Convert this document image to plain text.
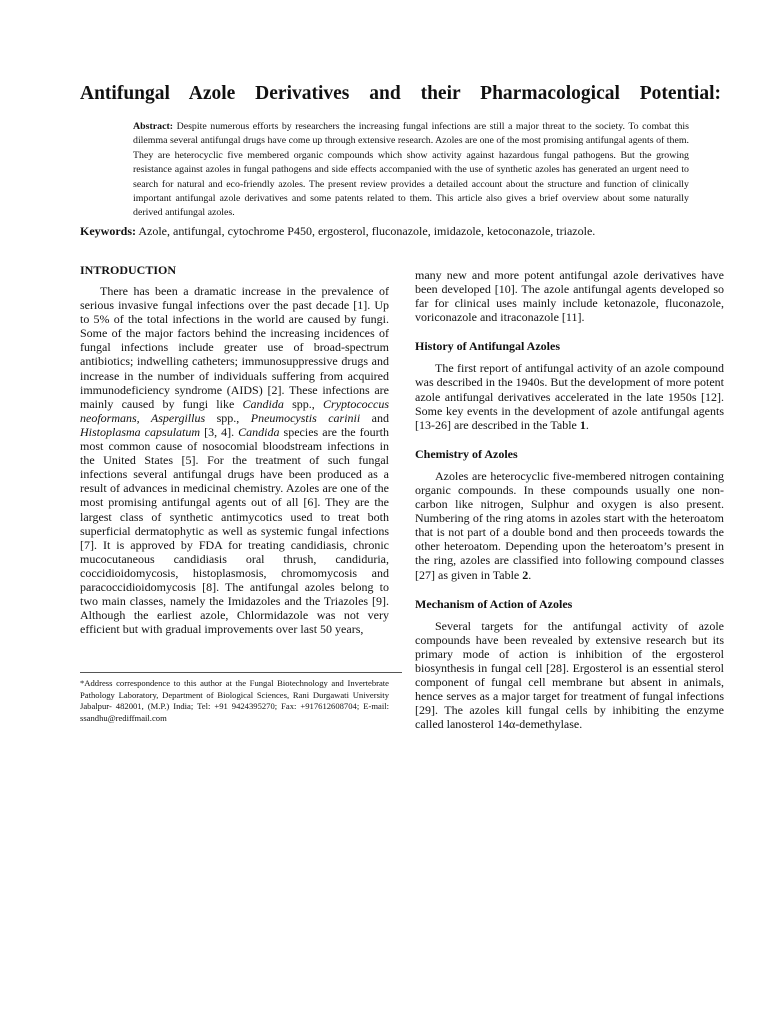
Antifungal Azole Derivatives and their Pharmacological Potential:

Abstract: Despite numerous efforts by researchers the increasing fungal infections are still a major threat to the society. To combat this dilemma several antifungal drugs have come up through extensive research. Azoles are one of the most promising antifungal agents of them. They are heterocyclic five membered organic compounds which show activity against hazardous fungal pathogens. But the growing resistance against azoles in fungal pathogens and side effects accompanied with the use of synthetic azoles has generated an urgent need to search for natural and eco-friendly azoles. The present review provides a detailed account about the structure and function of clinically important antifungal azole derivatives and some patents related to them. This article also gives a brief overview about some naturally derived antifungal azoles.

Keywords: Azole, antifungal, cytochrome P450, ergosterol, fluconazole, imidazole, ketoconazole, triazole.

INTRODUCTION

There has been a dramatic increase in the prevalence of serious invasive fungal infections over the past decade [1]. Up to 5% of the total infections in the world are caused by fungi. Some of the major factors behind the increasing incidences of fungal infections include greater use of broad-spectrum antibiotics; indwelling catheters; immunosuppressive drugs and increase in the number of individuals suffering from acquired immunodeficiency syndrome (AIDS) [2]. These infections are mainly caused by fungi like Candida spp., Cryptococcus neoformans, Aspergillus spp., Pneumocystis carinii and Histoplasma capsulatum [3, 4]. Candida species are the fourth most common cause of nosocomial bloodstream infections in the United States [5]. For the treatment of such fungal infections several antifungal drugs have been produced as a result of advances in medicinal chemistry. Azoles are one of the most promising antifungal agents out of all [6]. They are the largest class of synthetic antimycotics used to treat both superficial dermatophytic as well as systemic fungal infections [7]. It is approved by FDA for treating candidiasis, chronic mucocutaneous candidiasis oral thrush, candiduria, coccidioidomycosis, histoplasmosis, chromomycosis and paracoccidioidomycosis [8]. The antifungal azoles belong to two main classes, namely the Imidazoles and the Triazoles [9]. Although the earliest azole, Chlormidazole was not very efficient but with gradual improvements over last 50 years,

*Address correspondence to this author at the Fungal Biotechnology and Invertebrate Pathology Laboratory, Department of Biological Sciences, Rani Durgawati University Jabalpur- 482001, (M.P.) India; Tel: +91 9424395270; Fax: +917612608704; E-mail: ssandhu@rediffmail.com

many new and more potent antifungal azole derivatives have been developed [10]. The azole antifungal agents developed so far for clinical uses mainly include ketonazole, fluconazole, voriconazole and itraconazole [11].

History of Antifungal Azoles

The first report of antifungal activity of an azole compound was described in the 1940s. But the development of more potent azole antifungal derivatives accelerated in the late 1950s [12]. Some key events in the development of azole antifungal agents [13-26] are described in the Table 1.

Chemistry of Azoles

Azoles are heterocyclic five-membered nitrogen containing organic compounds. In these compounds usually one non-carbon like nitrogen, Sulphur and oxygen is also present. Numbering of the ring atoms in azoles start with the heteroatom that is not part of a double bond and then proceeds towards the other heteroatom. Depending upon the heteroatom’s present in the ring, azoles are classified into following compound classes [27] as given in Table 2.

Mechanism of Action of Azoles

Several targets for the antifungal activity of azole compounds have been revealed by extensive research but its primary mode of action is inhibition of the ergosterol biosynthesis in fungal cell [28]. Ergosterol is an essential sterol component of fungal cell membrane but absent in animals, hence serves as a major target for treatment of fungal infections [29]. The azoles kill fungal cells by inhibiting the enzyme called lanosterol 14α-demethylase.
